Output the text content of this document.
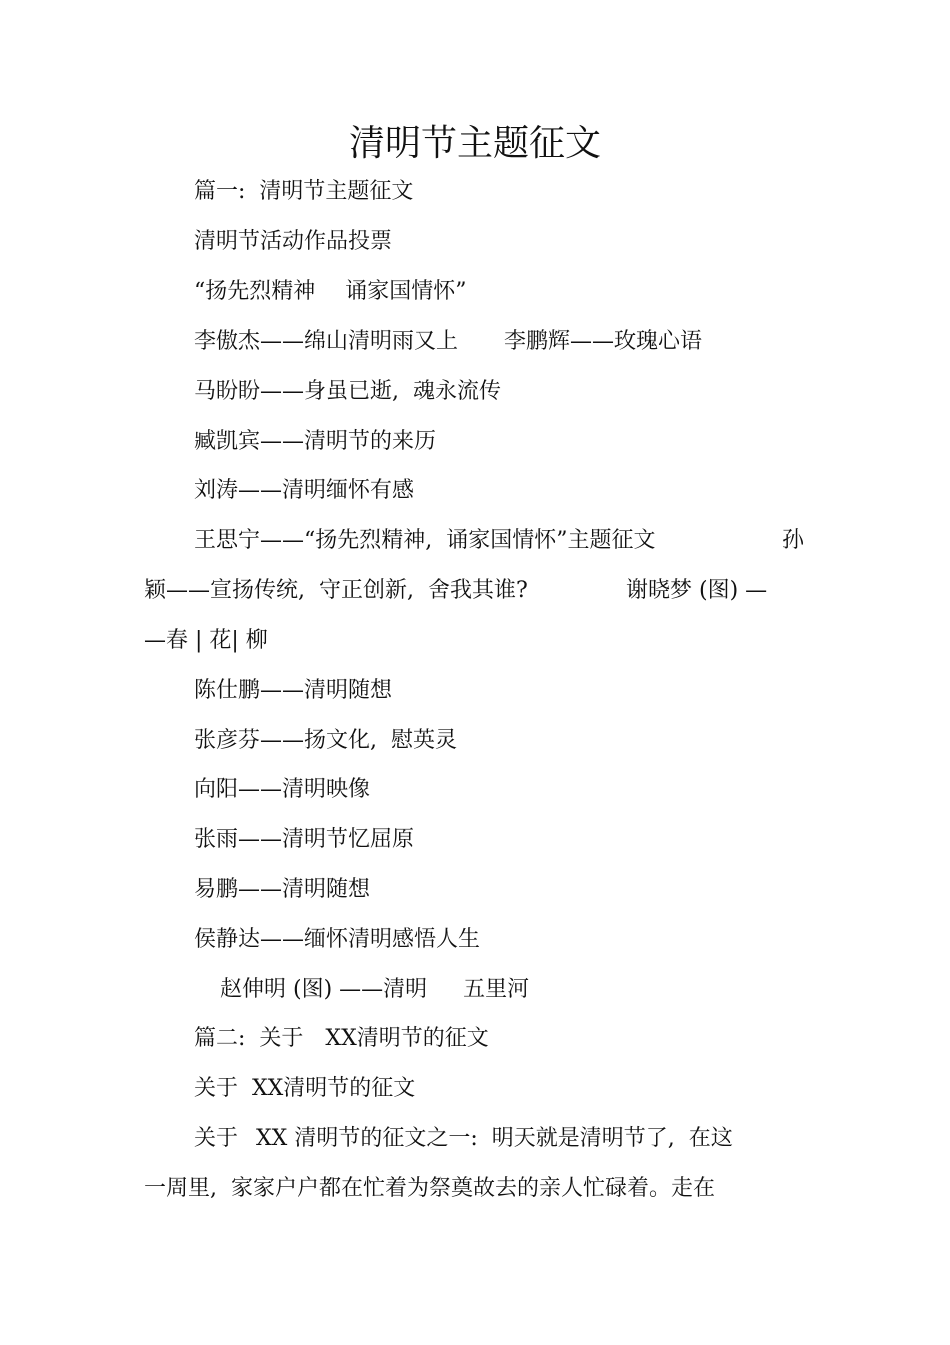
清明节主题征文

篇一:  清明节主题征文

清明节活动作品投票

“扬先烈精神 诵家国情怀”

李傲杰——绵山清明雨又上 李鹏辉——玫瑰心语

马盼盼——身虽已逝,  魂永流传

臧凯宾——清明节的来历

刘涛——清明缅怀有感

王思宁——“扬先烈精神,  诵家国情怀”主题征文	孙

颖——宣扬传统,  守正创新,  舍我其谁?	谢晓梦 (图) —

—春 | 花| 柳

陈仕鹏——清明随想

张彦芬——扬文化,  慰英灵

向阳——清明映像

张雨——清明节忆屈原

易鹏——清明随想

侯静达——缅怀清明感悟人生

赵伸明 (图) ——清明 五里河

篇二:  关于 XX清明节的征文

关于  XX清明节的征文

关于 XX 清明节的征文之一:  明天就是清明节了,  在这

一周里,  家家户户都在忙着为祭奠故去的亲人忙碌着。走在
